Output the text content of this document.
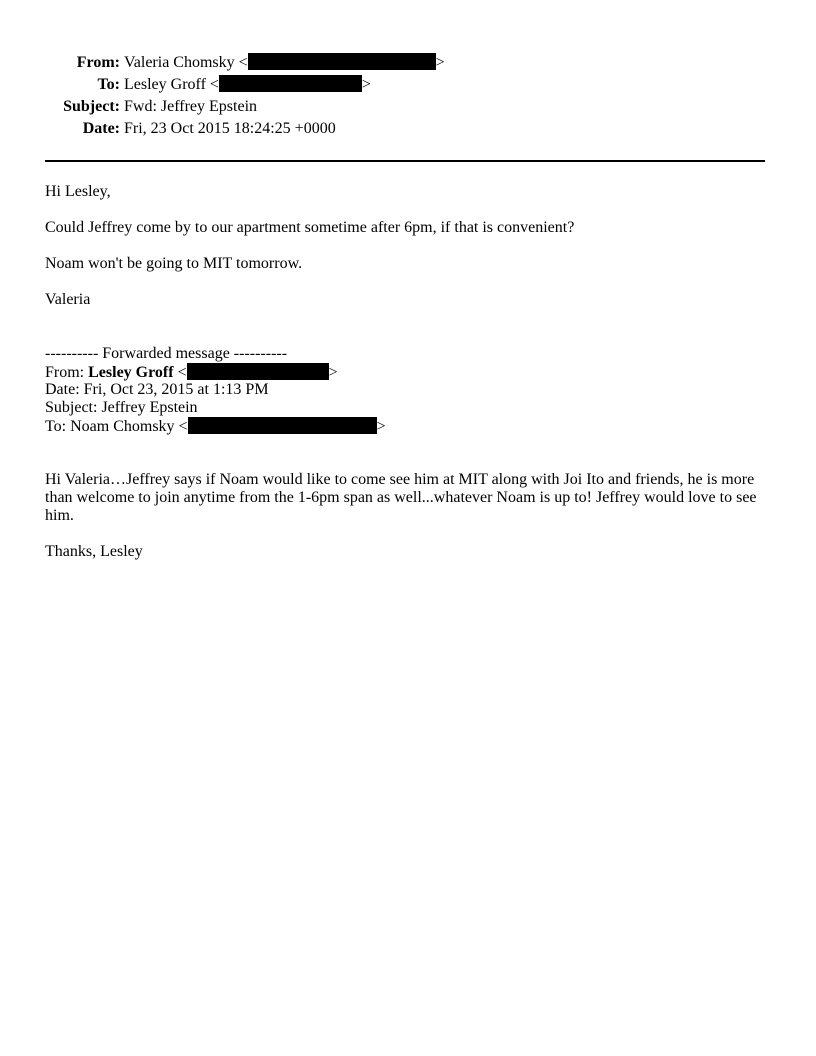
From: Valeria Chomsky <	>
To: Lesley Groff <	>
Subject: Fwd: Jeffrey Epstein
Date: Fri, 23 Oct 2015 18:24:25 +0000
Hi Lesley,
Could Jeffrey come by to our apartment sometime after 6pm, if that is convenient?
Noam won't be going to MIT tomorrow.
Valeria
---------- Forwarded message ----------
From: Lesley Groff <	>
Date: Fri, Oct 23, 2015 at 1:13 PM
Subject: Jeffrey Epstein
To: Noam Chomsky <	>
Hi Valeria…Jeffrey says if Noam would like to come see him at MIT along with Joi Ito and friends, he is more than welcome to join anytime from the 1-6pm span as well...whatever Noam is up to! Jeffrey would love to see him.
Thanks, Lesley
